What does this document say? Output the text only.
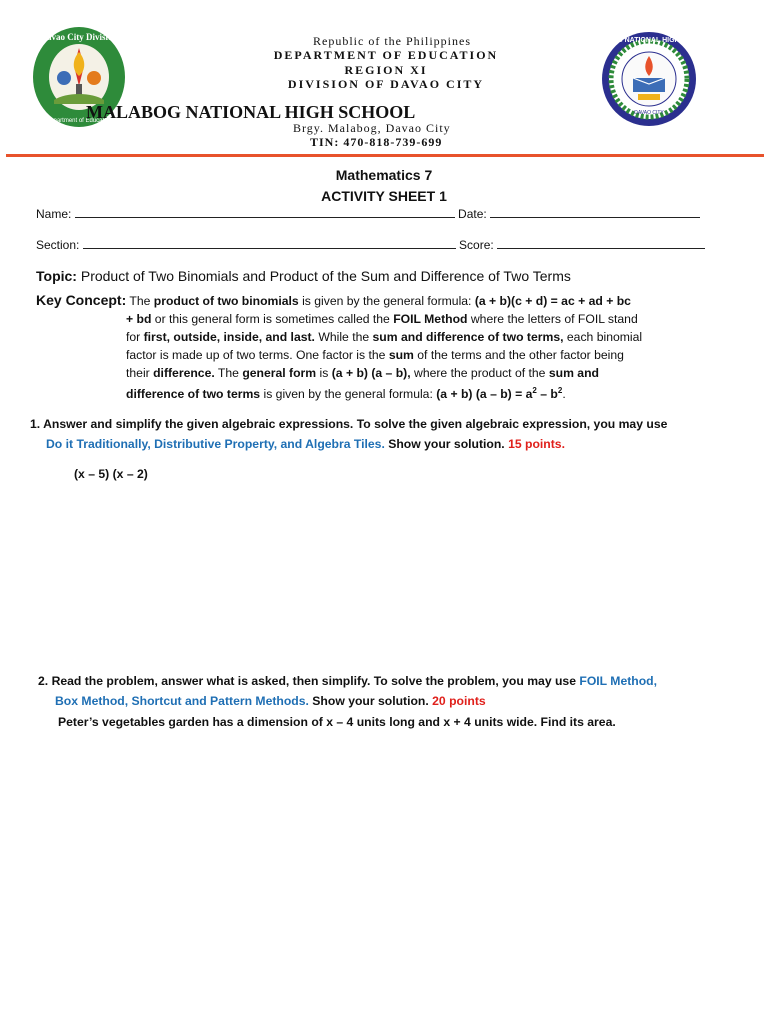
Davao City Division
Department of Education
MALABOG NATIONAL HIGH SCHOOL
DAVAO CITY
Republic of the Philippines
DEPARTMENT OF EDUCATION
REGION XI
DIVISION OF DAVAO CITY
MALABOG NATIONAL HIGH SCHOOL
Brgy. Malabog, Davao City
TIN: 470-818-739-699
Mathematics 7
ACTIVITY SHEET 1
Name:	Date:
Section:	Score:
Topic: Product of Two Binomials and Product of the Sum and Difference of Two Terms
Key Concept: The product of two binomials is given by the general formula: (a + b)(c + d) = ac + ad + bc
+ bd or this general form is sometimes called the FOIL Method where the letters of FOIL stand
for first, outside, inside, and last. While the sum and difference of two terms, each binomial
factor is made up of two terms. One factor is the sum of the terms and the other factor being
their difference. The general form is (a + b) (a – b), where the product of the sum and
difference of two terms is given by the general formula: (a + b) $(a - b) = a^2 - b^2$.
1. Answer and simplify the given algebraic expressions. To solve the given algebraic expression, you may use
Do it Traditionally, Distributive Property, and Algebra Tiles. Show your solution. 15 points.
(x – 5) (x – 2)
2. Read the problem, answer what is asked, then simplify. To solve the problem, you may use FOIL Method,
Box Method, Shortcut and Pattern Methods. Show your solution. 20 points
Peter’s vegetables garden has a dimension of x – 4 units long and x + 4 units wide. Find its area.
